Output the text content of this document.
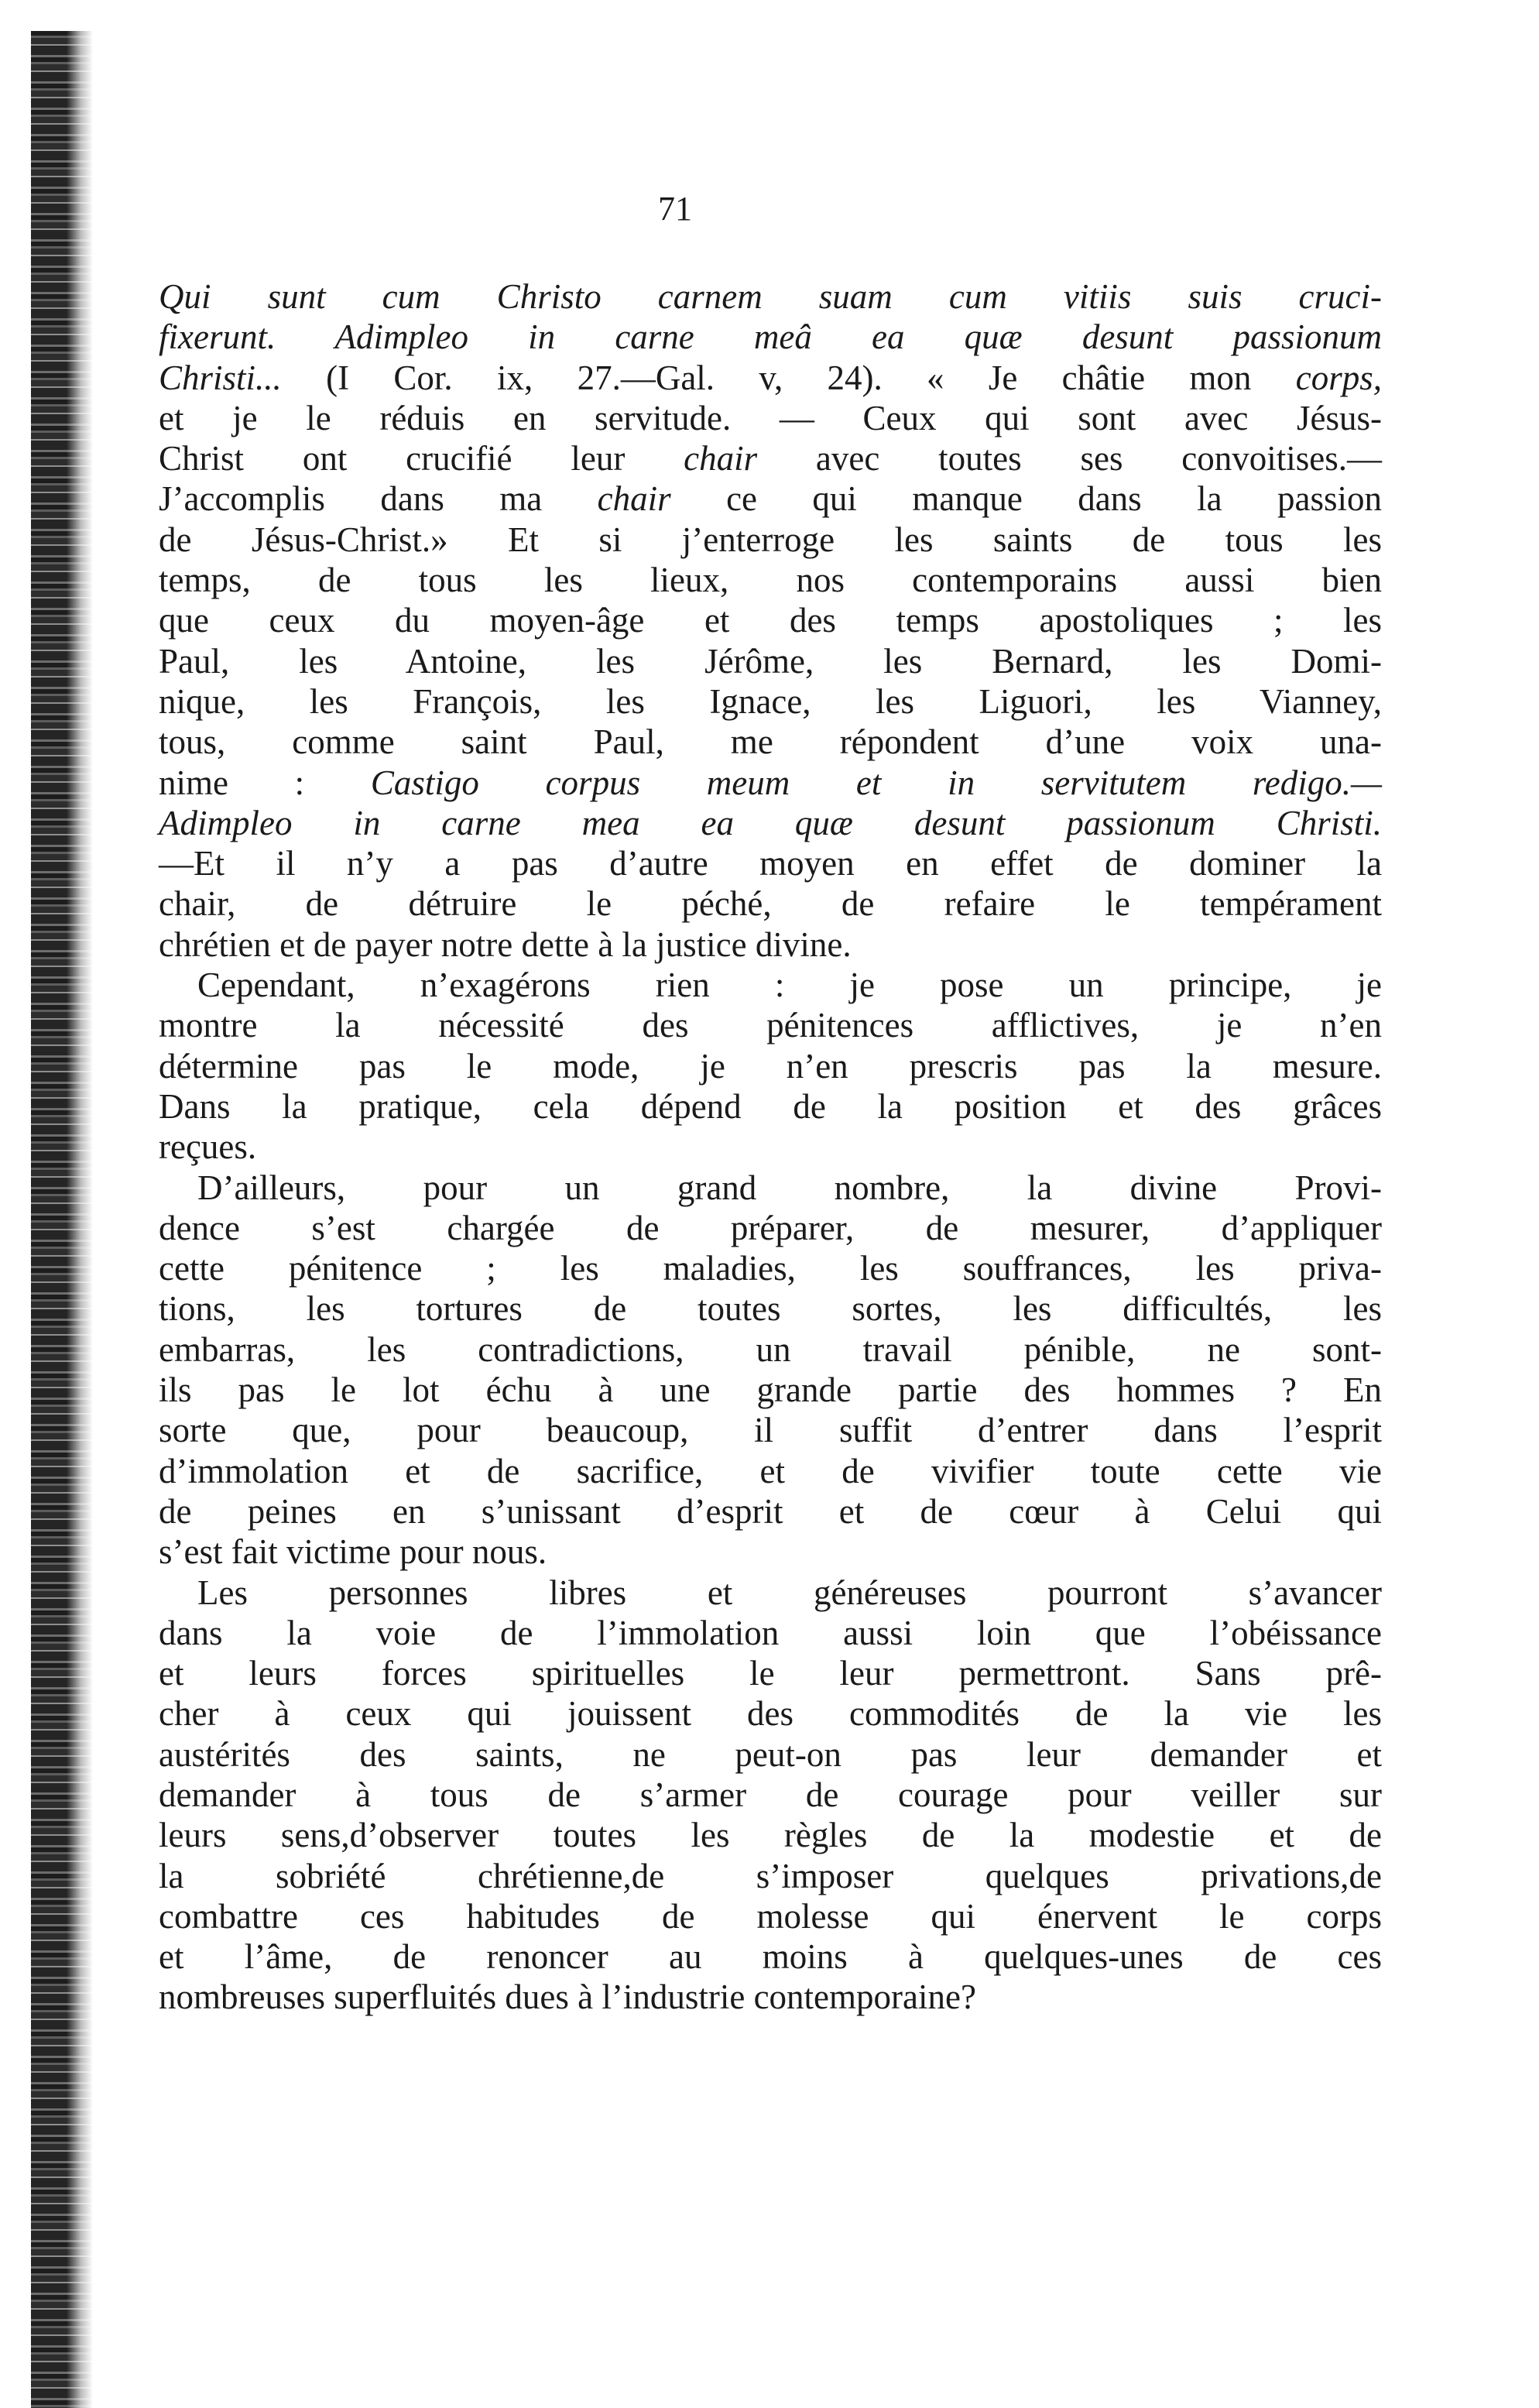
71
Qui sunt cum Christo carnem suam cum vitiis suis cruci-
fixerunt. Adimpleo in carne meâ ea quæ desunt passionum
Christi... (I Cor. ix, 27.—Gal. v, 24). « Je châtie mon corps,
et je le réduis en servitude. — Ceux qui sont avec Jésus-
Christ ont crucifié leur chair avec toutes ses convoitises.—
J’accomplis dans ma chair ce qui manque dans la passion
de Jésus-Christ.» Et si j’enterroge les saints de tous les
temps, de tous les lieux, nos contemporains aussi bien
que ceux du moyen-âge et des temps apostoliques ; les
Paul, les Antoine, les Jérôme, les Bernard, les Domi-
nique, les François, les Ignace, les Liguori, les Vianney,
tous, comme saint Paul, me répondent d’une voix una-
nime : Castigo corpus meum et in servitutem redigo.—
Adimpleo in carne mea ea quæ desunt passionum Christi.
—Et il n’y a pas d’autre moyen en effet de dominer la
chair, de détruire le péché, de refaire le tempérament
chrétien et de payer notre dette à la justice divine.
Cependant, n’exagérons rien : je pose un principe, je
montre la nécessité des pénitences afflictives, je n’en
détermine pas le mode, je n’en prescris pas la mesure.
Dans la pratique, cela dépend de la position et des grâces
reçues.
D’ailleurs, pour un grand nombre, la divine Provi-
dence s’est chargée de préparer, de mesurer, d’appliquer
cette pénitence ; les maladies, les souffrances, les priva-
tions, les tortures de toutes sortes, les difficultés, les
embarras, les contradictions, un travail pénible, ne sont-
ils pas le lot échu à une grande partie des hommes ? En
sorte que, pour beaucoup, il suffit d’entrer dans l’esprit
d’immolation et de sacrifice, et de vivifier toute cette vie
de peines en s’unissant d’esprit et de cœur à Celui qui
s’est fait victime pour nous.
Les personnes libres et généreuses pourront s’avancer
dans la voie de l’immolation aussi loin que l’obéissance
et leurs forces spirituelles le leur permettront. Sans prê-
cher à ceux qui jouissent des commodités de la vie les
austérités des saints, ne peut-on pas leur demander et
demander à tous de s’armer de courage pour veiller sur
leurs sens,d’observer toutes les règles de la modestie et de
la sobriété chrétienne,de s’imposer quelques privations,de
combattre ces habitudes de molesse qui énervent le corps
et l’âme, de renoncer au moins à quelques-unes de ces
nombreuses superfluités dues à l’industrie contemporaine?
